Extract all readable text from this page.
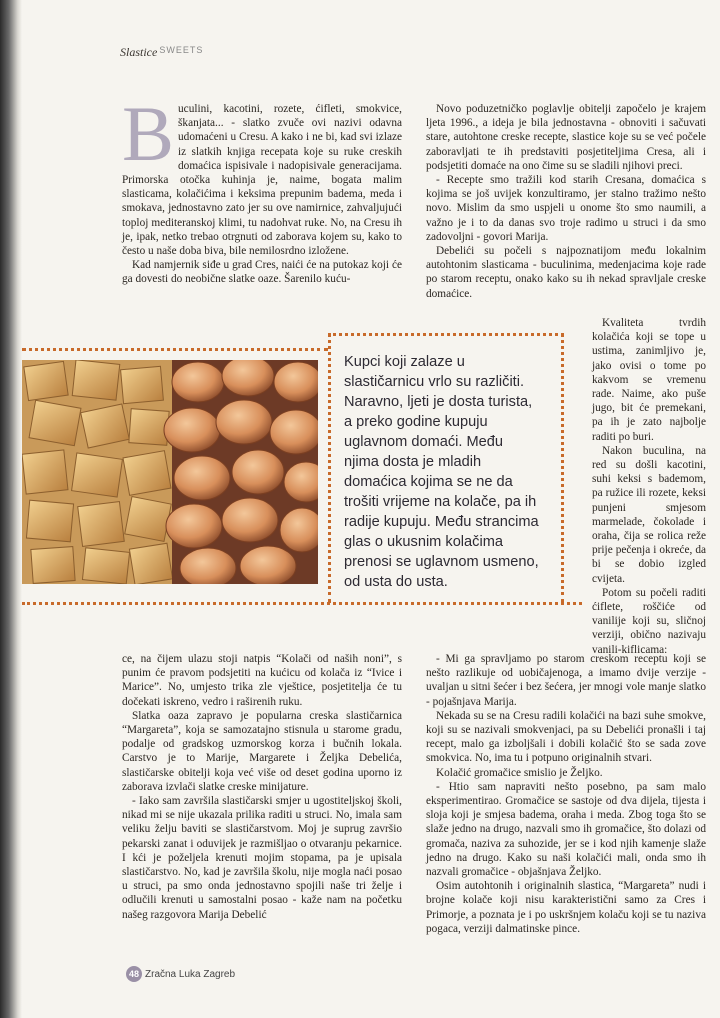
Slastice $^{SWEETS}$
B uculini, kacotini, rozete, ćifleti, smokvice, škanjata... - slatko zvuče ovi nazivi odavna udomaćeni u Cresu. A kako i ne bi, kad svi izlaze iz slatkih knjiga recepata koje su ruke creskih domaćica ispisivale i nadopisivale generacijama. Primorska otočka kuhinja je, naime, bogata malim slasticama, kolačićima i keksima prepunim badema, meda i smokava, jednostavno zato jer su ove namirnice, zahvaljujući toploj mediteranskoj klimi, tu nadohvat ruke. No, na Cresu ih je, ipak, netko trebao otrgnuti od zaborava kojem su, kako to često u naše doba biva, bile nemilosrdno izložene.

Kad namjernik siđe u grad Cres, naići će na putokaz koji će ga dovesti do neobične slatke oaze. Šarenilo kuću-

Novo poduzetničko poglavlje obitelji započelo je krajem ljeta 1996., a ideja je bila jednostavna - obnoviti i sačuvati stare, autohtone creske recepte, slastice koje su se već počele zaboravljati te ih predstaviti posjetiteljima Cresa, ali i podsjetiti domaće na ono čime su se sladili njihovi preci.

- Recepte smo tražili kod starih Cresana, domaćica s kojima se još uvijek konzultiramo, jer stalno tražimo nešto novo. Mislim da smo uspjeli u onome što smo naumili, a važno je i to da danas svo troje radimo u struci i da smo zadovoljni - govori Marija.

Debelići su počeli s najpoznatijom među lokalnim autohtonim slasticama - buculinima, medenjacima koje rade po starom receptu, onako kako su ih nekad spravljale creske domaćice.

Kvaliteta tvrdih kolačića koji se tope u ustima, zanimljivo je, jako ovisi o tome po kakvom se vremenu rade. Naime, ako puše jugo, bit će premekani, pa ih je zato najbolje raditi po buri.

Nakon buculina, na red su došli kacotini, suhi keksi s bademom, pa ružice ili rozete, keksi punjeni smjesom marmelade, čokolade i oraha, čija se rolica reže prije pečenja i okreće, da bi se dobio izgled cvijeta.

Potom su počeli raditi ćiflete, roščiće od vanilije koji su, sličnoj verziji, obično nazivaju vanili-kiflicama:

Kupci koji zalaze u slastičarnicu vrlo su različiti. Naravno, ljeti je dosta turista, a preko godine kupuju uglavnom domaći. Među njima dosta je mladih domaćica kojima se ne da trošiti vrijeme na kolače, pa ih radije kupuju. Među strancima glas o ukusnim kolačima prenosi se uglavnom usmeno, od usta do usta.

ce, na čijem ulazu stoji natpis “Kolači od naših noni”, s punim će pravom podsjetiti na kućicu od kolača iz “Ivice i Marice”. No, umjesto trika zle vještice, posjetitelja će tu dočekati iskreno, vedro i raširenih ruku.

Slatka oaza zapravo je popularna creska slastičarnica “Margareta”, koja se samozatajno stisnula u staromе gradu, podalje od gradskog uzmorskog korza i bučnih lokala. Carstvo je to Marije, Margarete i Željka Debelića, slastičarske obitelji koja već više od deset godina uporno iz zaborava izvlači slatke creske minijature.

- Iako sam završila slastičarski smjer u ugostiteljskoj školi, nikad mi se nije ukazala prilika raditi u struci. No, imala sam veliku želju baviti se slastičarstvom. Moj je suprug završio pekarski zanat i oduvijek je razmišljao o otvaranju pekarnice. I kći je poželjela krenuti mojim stopama, pa je upisala slastičarstvo. No, kad je završila školu, nije mogla naći posao u struci, pa smo onda jednostavno spojili naše tri želje i odlučili krenuti u samostalni posao - kaže nam na početku našeg razgovora Marija Debelić

- Mi ga spravljamo po starom creskom receptu koji se nešto razlikuje od uobičajenoga, a imamo dvije verzije - uvaljan u sitni šećer i bez šećera, jer mnogi vole manje slatko - pojašnjava Marija.

Nekada su se na Cresu radili kolačići na bazi suhe smokve, koji su se nazivali smokvenjaci, pa su Debelići pronašli i taj recept, malo ga izboljšali i dobili kolačić što se sada zove smokvica. No, ima tu i potpuno originalnih stvari.

Kolačić gromačice smislio je Željko.

- Htio sam napraviti nešto posebno, pa sam malo eksperimentirao. Gromačice se sastoje od dva dijela, tijesta i sloja koji je smjesa badema, oraha i meda. Zbog toga što se slaže jedno na drugo, nazvali smo ih gromačice, što dolazi od gromača, naziva za suhozide, jer se i kod njih kamenje slaže jedno na drugo. Kako su naši kolačići mali, onda smo ih nazvali gromačice - objašnjava Željko.

Osim autohtonih i originalnih slastica, “Margareta” nudi i brojne kolače koji nisu karakteristični samo za Cres i Primorje, a poznata je i po uskršnjem kolaču koji se tu naziva pogaca, verziji dalmatinske pince.

48 Zračna Luka Zagreb
